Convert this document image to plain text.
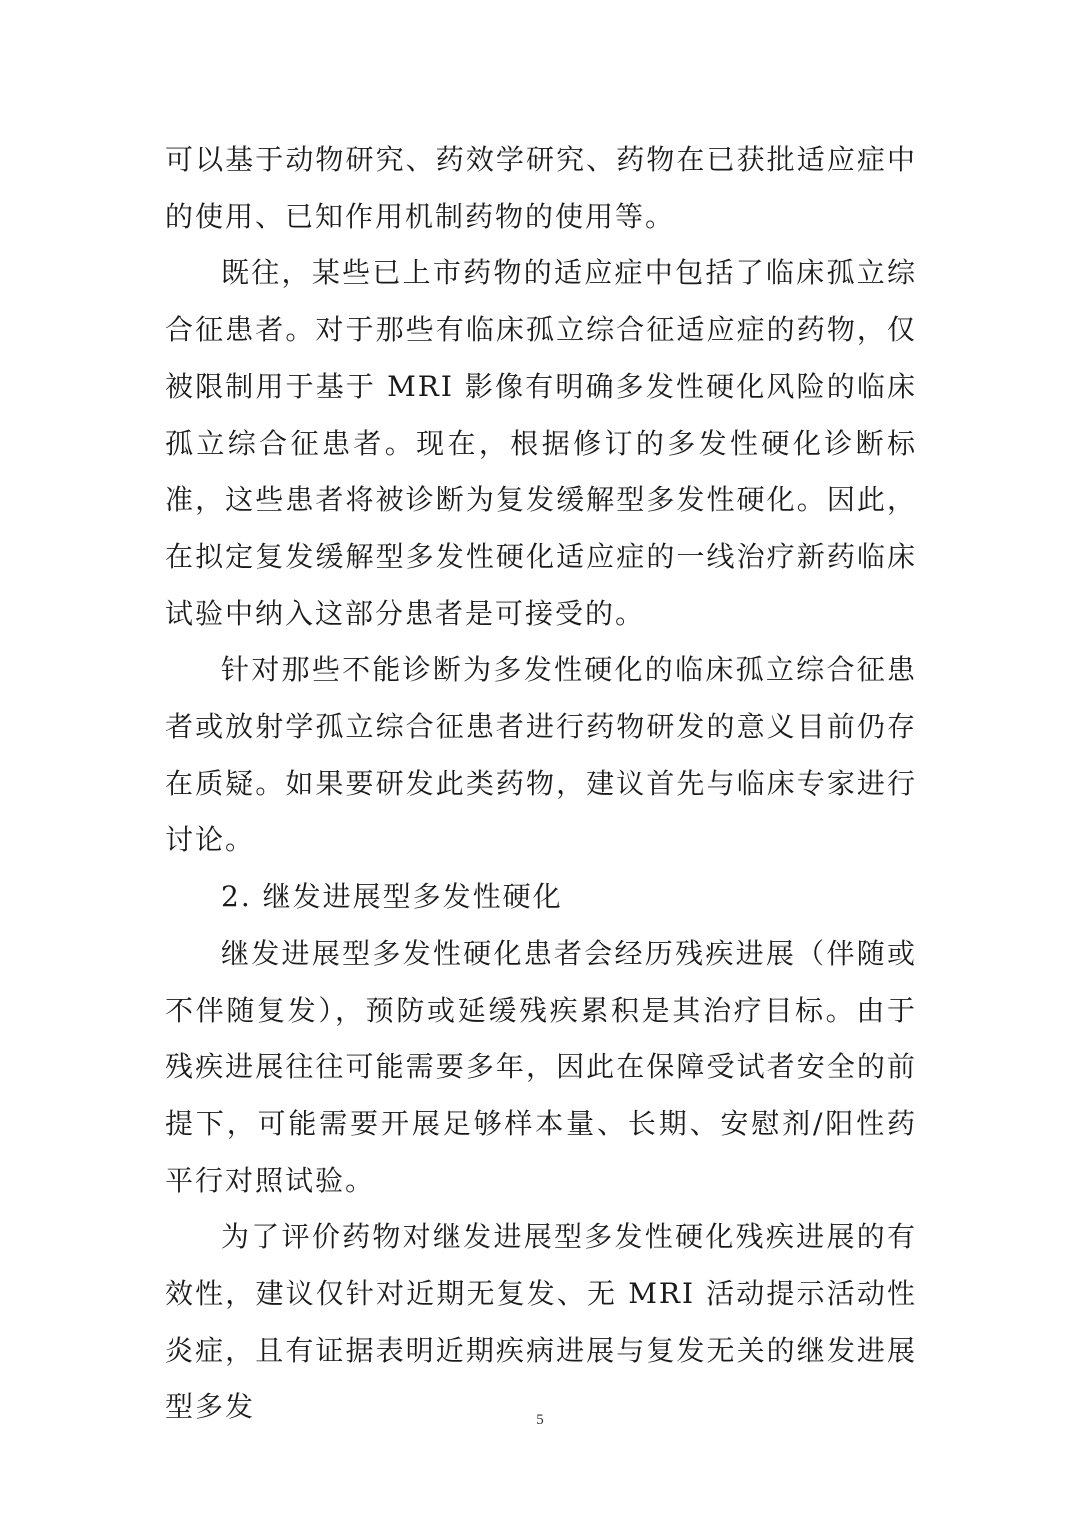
可以基于动物研究、药效学研究、药物在已获批适应症中的使用、已知作用机制药物的使用等。

既往，某些已上市药物的适应症中包括了临床孤立综合征患者。对于那些有临床孤立综合征适应症的药物，仅被限制用于基于 MRI 影像有明确多发性硬化风险的临床孤立综合征患者。现在，根据修订的多发性硬化诊断标准，这些患者将被诊断为复发缓解型多发性硬化。因此，在拟定复发缓解型多发性硬化适应症的一线治疗新药临床试验中纳入这部分患者是可接受的。

针对那些不能诊断为多发性硬化的临床孤立综合征患者或放射学孤立综合征患者进行药物研发的意义目前仍存在质疑。如果要研发此类药物，建议首先与临床专家进行讨论。

2. 继发进展型多发性硬化

继发进展型多发性硬化患者会经历残疾进展（伴随或不伴随复发），预防或延缓残疾累积是其治疗目标。由于残疾进展往往可能需要多年，因此在保障受试者安全的前提下，可能需要开展足够样本量、长期、安慰剂/阳性药平行对照试验。

为了评价药物对继发进展型多发性硬化残疾进展的有效性，建议仅针对近期无复发、无 MRI 活动提示活动性炎症，且有证据表明近期疾病进展与复发无关的继发进展型多发	5
